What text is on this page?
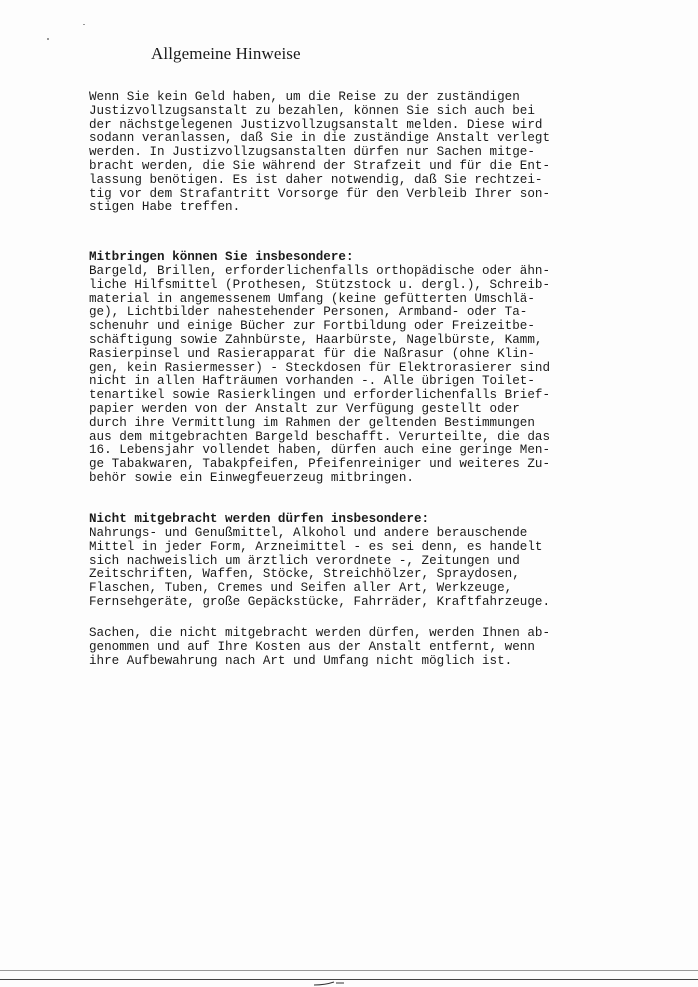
Allgemeine Hinweise

Wenn Sie kein Geld haben, um die Reise zu der zuständigen
Justizvollzugsanstalt zu bezahlen, können Sie sich auch bei
der nächstgelegenen Justizvollzugsanstalt melden. Diese wird
sodann veranlassen, daß Sie in die zuständige Anstalt verlegt
werden. In Justizvollzugsanstalten dürfen nur Sachen mitge-
bracht werden, die Sie während der Strafzeit und für die Ent-
lassung benötigen. Es ist daher notwendig, daß Sie rechtzei-
tig vor dem Strafantritt Vorsorge für den Verbleib Ihrer son-
stigen Habe treffen.

Mitbringen können Sie insbesondere:

Bargeld, Brillen, erforderlichenfalls orthopädische oder ähn-
liche Hilfsmittel (Prothesen, Stützstock u. dergl.), Schreib-
material in angemessenem Umfang (keine gefütterten Umschlä-
ge), Lichtbilder nahestehender Personen, Armband- oder Ta-
schenuhr und einige Bücher zur Fortbildung oder Freizeitbe-
schäftigung sowie Zahnbürste, Haarbürste, Nagelbürste, Kamm,
Rasierpinsel und Rasierapparat für die Naßrasur (ohne Klin-
gen, kein Rasiermesser) - Steckdosen für Elektrorasierer sind
nicht in allen Hafträumen vorhanden -. Alle übrigen Toilet-
tenartikel sowie Rasierklingen und erforderlichenfalls Brief-
papier werden von der Anstalt zur Verfügung gestellt oder
durch ihre Vermittlung im Rahmen der geltenden Bestimmungen
aus dem mitgebrachten Bargeld beschafft. Verurteilte, die das
16. Lebensjahr vollendet haben, dürfen auch eine geringe Men-
ge Tabakwaren, Tabakpfeifen, Pfeifenreiniger und weiteres Zu-
behör sowie ein Einwegfeuerzeug mitbringen.

Nicht mitgebracht werden dürfen insbesondere:

Nahrungs- und Genußmittel, Alkohol und andere berauschende
Mittel in jeder Form, Arzneimittel - es sei denn, es handelt
sich nachweislich um ärztlich verordnete -, Zeitungen und
Zeitschriften, Waffen, Stöcke, Streichhölzer, Spraydosen,
Flaschen, Tuben, Cremes und Seifen aller Art, Werkzeuge,
Fernsehgeräte, große Gepäckstücke, Fahrräder, Kraftfahrzeuge.

Sachen, die nicht mitgebracht werden dürfen, werden Ihnen ab-
genommen und auf Ihre Kosten aus der Anstalt entfernt, wenn
ihre Aufbewahrung nach Art und Umfang nicht möglich ist.
